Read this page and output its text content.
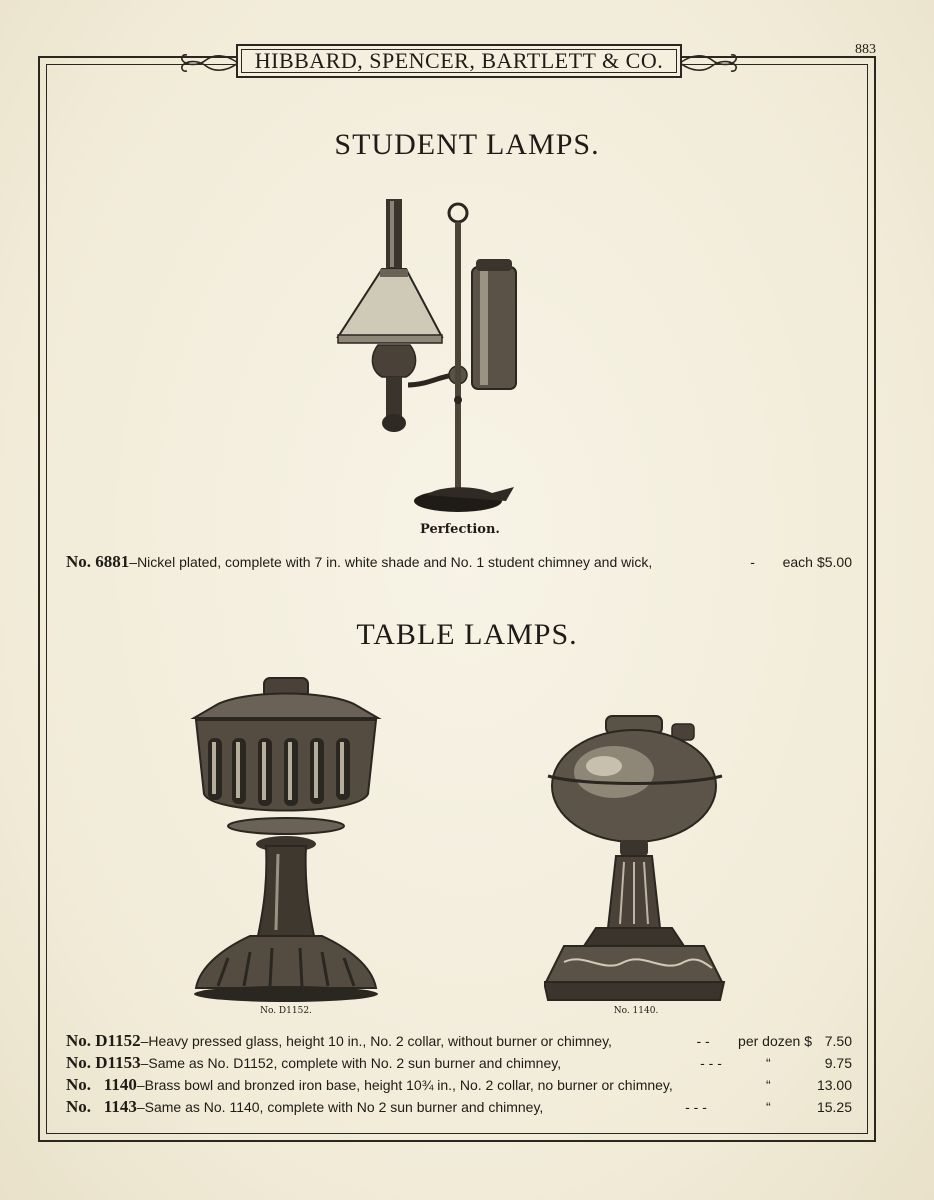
HIBBARD, SPENCER, BARTLETT & CO.	883
STUDENT LAMPS.
Perfection.
No. 6881 –Nickel plated, complete with 7 in. white shade and No. 1 student chimney and wick,	-	each $5.00
TABLE LAMPS.
No. D1152.	No. 1140.
No. D1152 –Heavy pressed glass, height 10 in., No. 2 collar, without burner or chimney,	- -	per dozen $ 7.50
No. D1153 –Same as No. D1152, complete with No. 2 sun burner and chimney,	- - -	“	9.75
No.   1140 –Brass bowl and bronzed iron base, height 10¾ in., No. 2 collar, no burner or chimney,	“	13.00
No.   1143 –Same as No. 1140, complete with No 2 sun burner and chimney,	- - -	“	15.25
